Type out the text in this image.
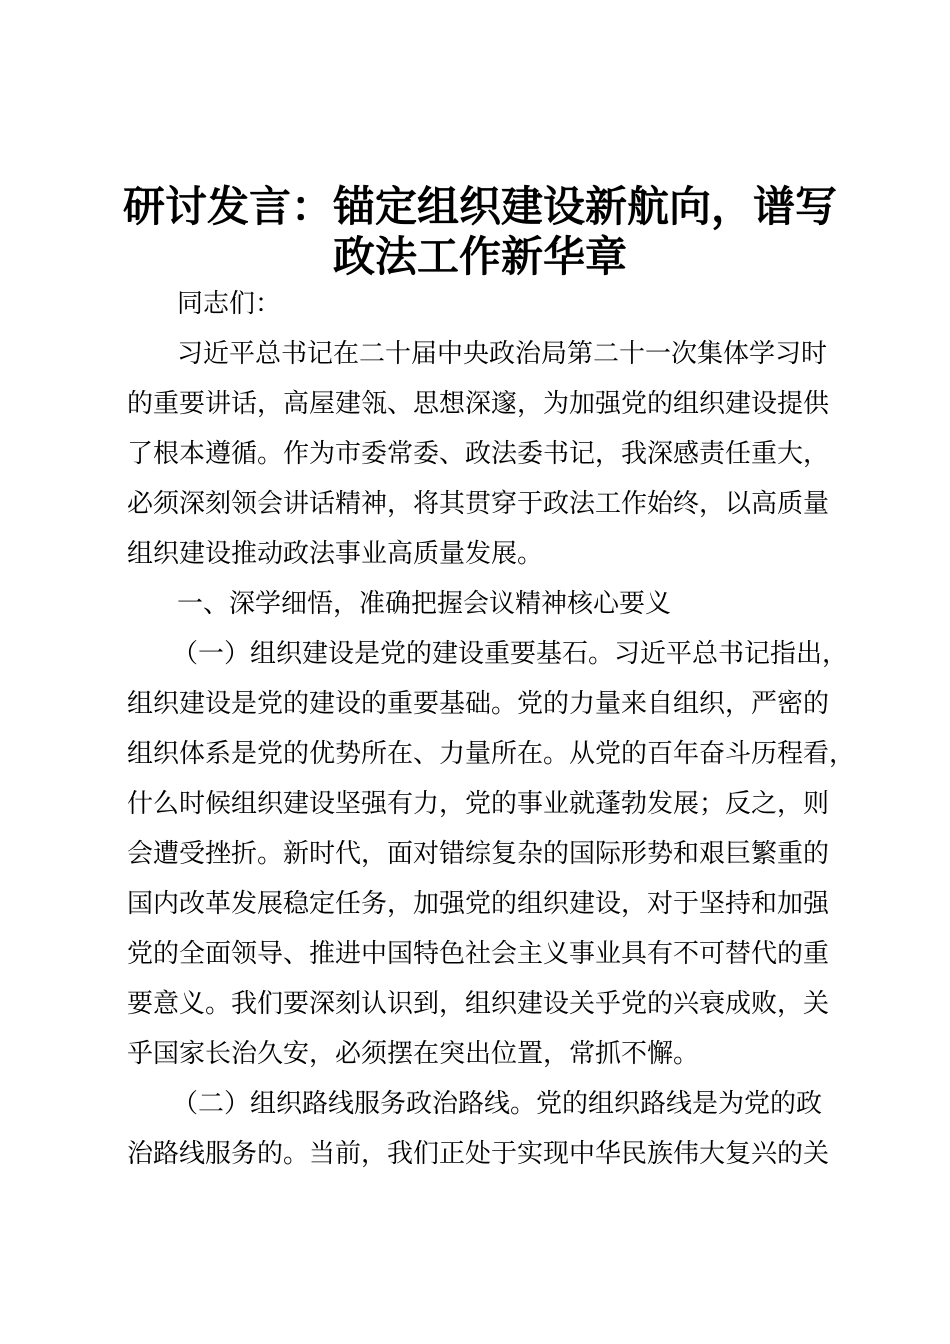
研讨发言：锚定组织建设新航向，谱写
政法工作新华章

同志们：

习近平总书记在二十届中央政治局第二十一次集体学习时

的重要讲话，高屋建瓴、思想深邃，为加强党的组织建设提供

了根本遵循。作为市委常委、政法委书记，我深感责任重大，

必须深刻领会讲话精神，将其贯穿于政法工作始终，以高质量

组织建设推动政法事业高质量发展。

一、深学细悟，准确把握会议精神核心要义

（一）组织建设是党的建设重要基石。习近平总书记指出，

组织建设是党的建设的重要基础。党的力量来自组织，严密的

组织体系是党的优势所在、力量所在。从党的百年奋斗历程看，

什么时候组织建设坚强有力，党的事业就蓬勃发展；反之，则

会遭受挫折。新时代，面对错综复杂的国际形势和艰巨繁重的

国内改革发展稳定任务，加强党的组织建设，对于坚持和加强

党的全面领导、推进中国特色社会主义事业具有不可替代的重

要意义。我们要深刻认识到，组织建设关乎党的兴衰成败，关

乎国家长治久安，必须摆在突出位置，常抓不懈。

（二）组织路线服务政治路线。党的组织路线是为党的政

治路线服务的。当前，我们正处于实现中华民族伟大复兴的关
